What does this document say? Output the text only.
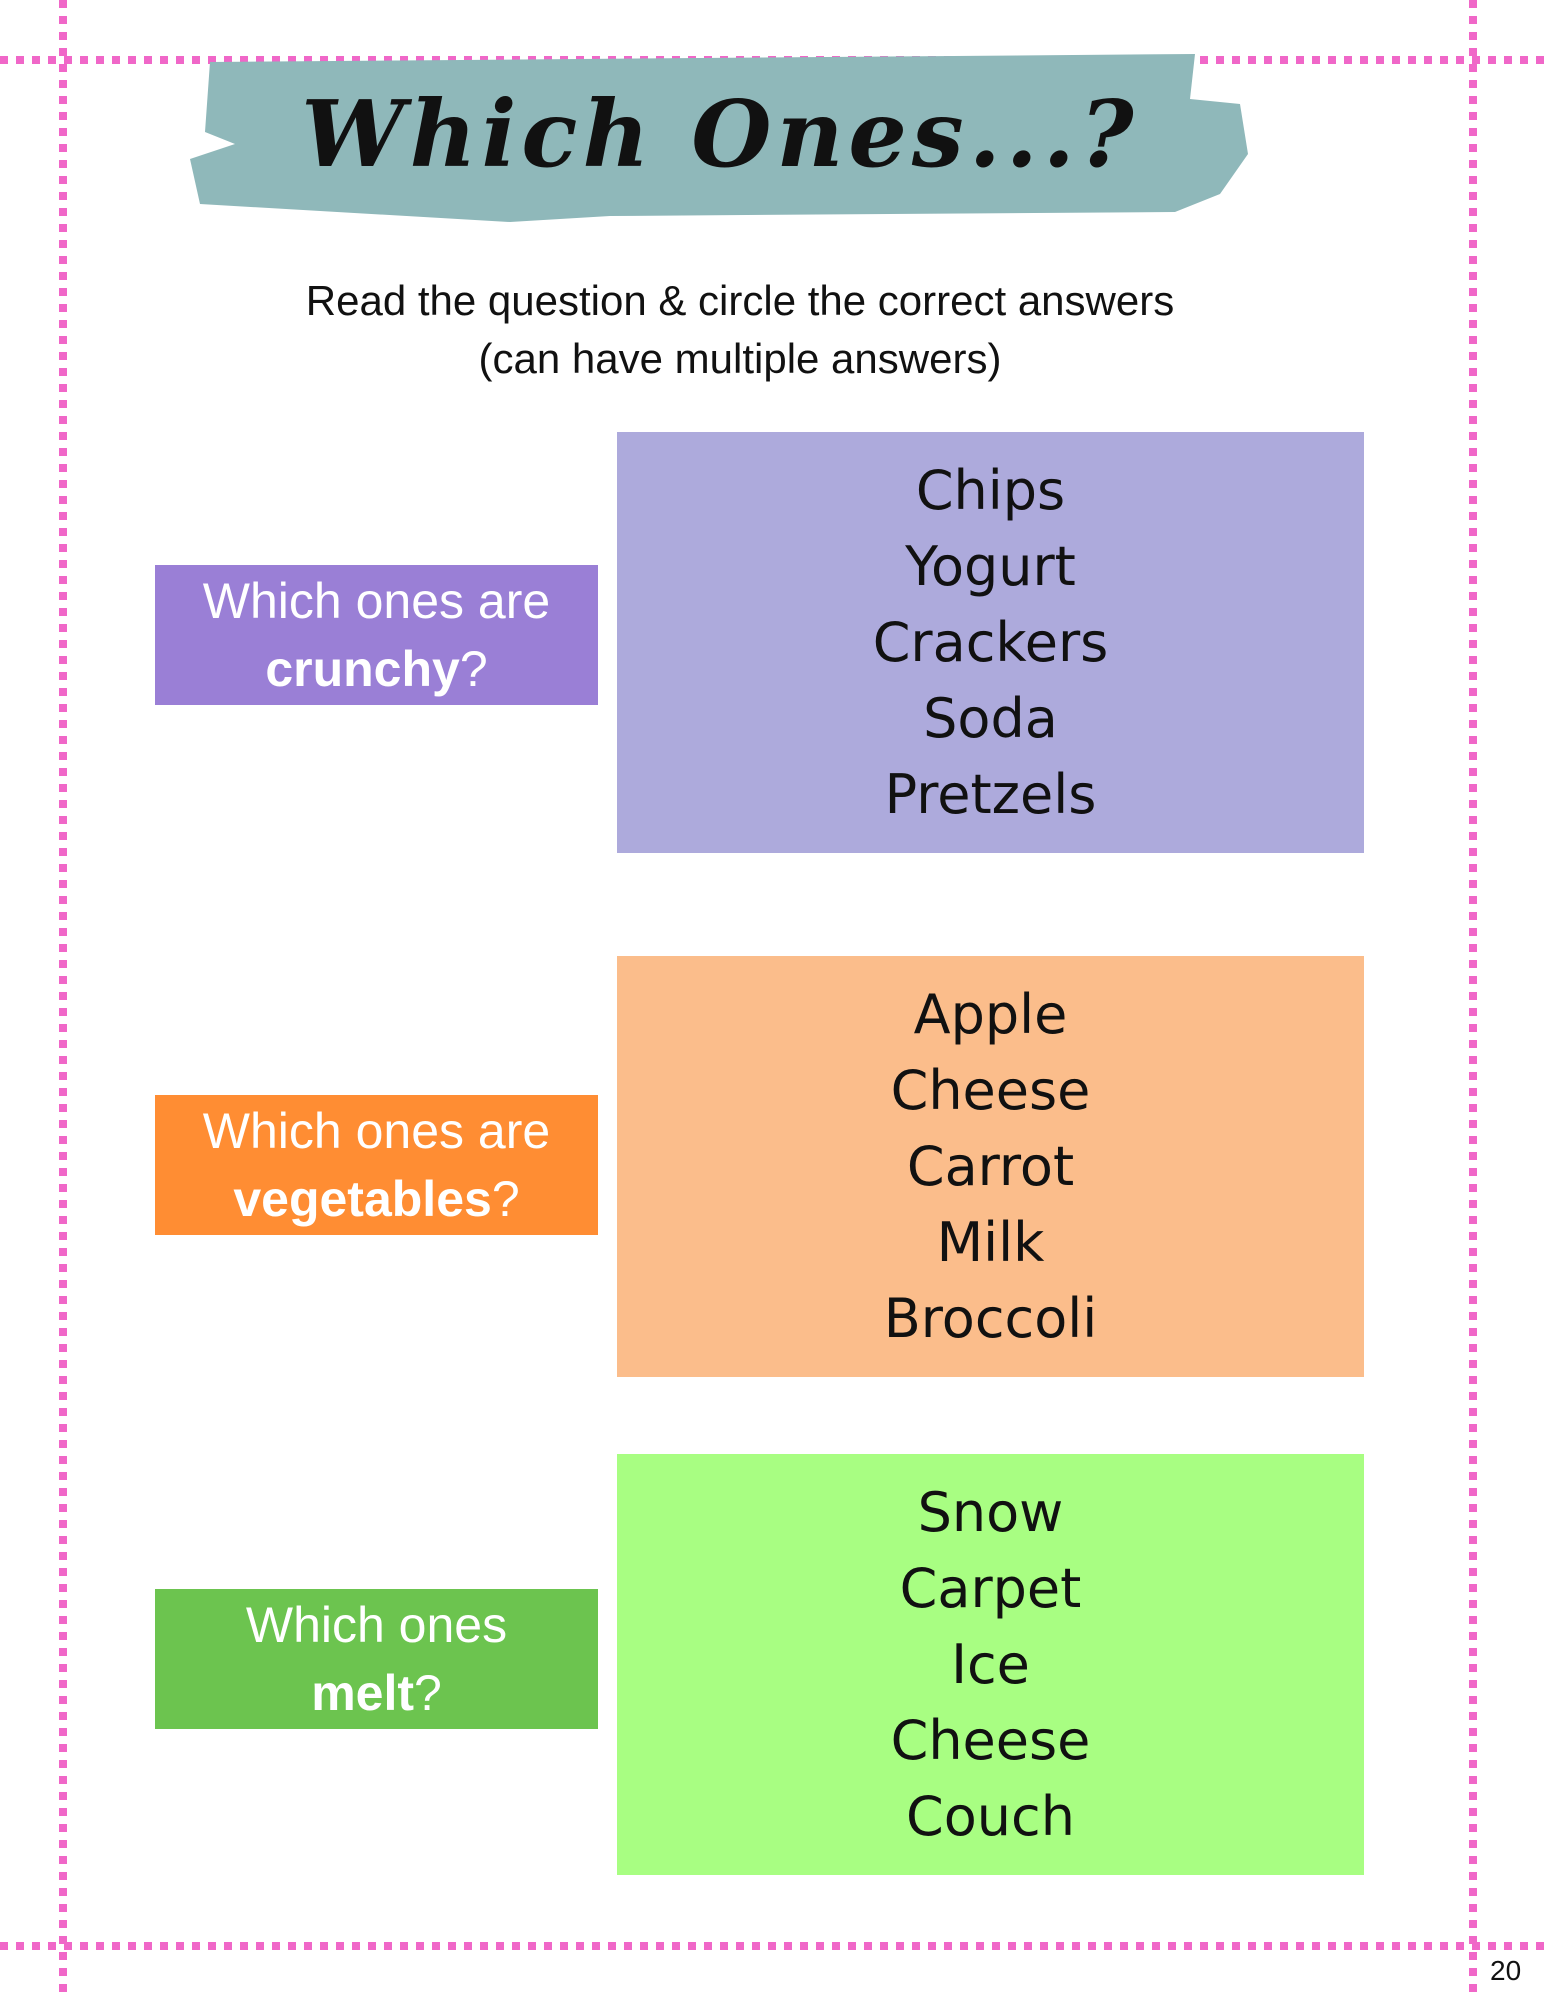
Which Ones...?
Read the question & circle the correct answers
(can have multiple answers)
Which ones are
crunchy?
Chips
Yogurt
Crackers
Soda
Pretzels
Which ones are
vegetables?
Apple
Cheese
Carrot
Milk
Broccoli
Which ones
melt?
Snow
Carpet
Ice
Cheese
Couch
20
